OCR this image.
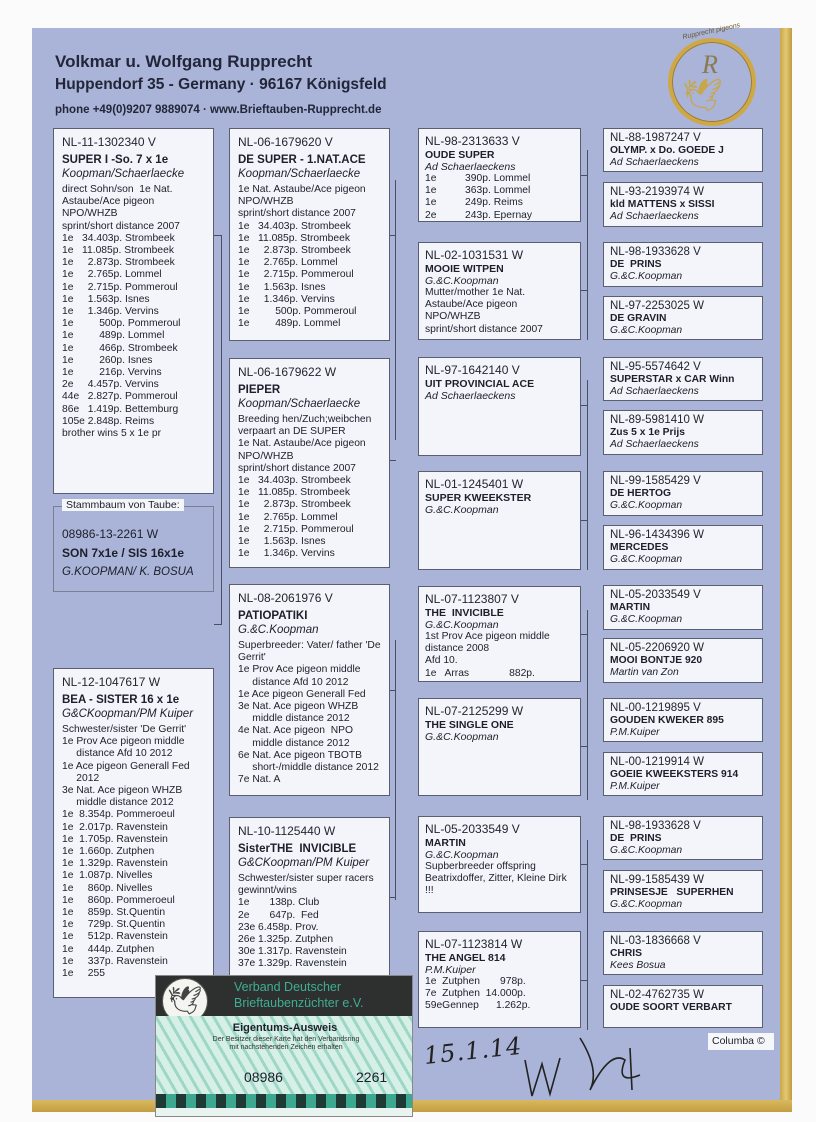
Volkmar u. Wolfgang Rupprecht
Huppendorf 35 - Germany · 96167 Königsfeld
phone +49(0)9207 9889074 · www.Brieftauben-Rupprecht.de
Rupprecht pigeons
R
🕊
NL-11-1302340 V
SUPER I -So. 7 x 1e
Koopman/Schaerlaecke
direct Sohn/son  1e Nat.
Astaube/Ace pigeon
NPO/WHZB
sprint/short distance 2007
1e   34.403p. Strombeek
1e   11.085p. Strombeek
1e     2.873p. Strombeek
1e     2.765p. Lommel
1e     2.715p. Pommeroul
1e     1.563p. Isnes
1e     1.346p. Vervins
1e         500p. Pommeroul
1e         489p. Lommel
1e         466p. Strombeek
1e         260p. Isnes
1e         216p. Vervins
2e     4.457p. Vervins
44e   2.827p. Pommeroul
86e   1.419p. Bettemburg
105e 2.848p. Reims
brother wins 5 x 1e pr
NL-12-1047617 W
BEA - SISTER 16 x 1e
G&CKoopman/PM Kuiper
Schwester/sister 'De Gerrit'
1e Prov Ace pigeon middle
distance Afd 10 2012
1e Ace pigeon Generall Fed
2012
3e Nat. Ace pigeon WHZB
middle distance 2012
1e  8.354p. Pommeroeul
1e  2.017p. Ravenstein
1e  1.705p. Ravenstein
1e  1.660p. Zutphen
1e  1.329p. Ravenstein
1e  1.087p. Nivelles
1e     860p. Nivelles
1e     860p. Pommeroeul
1e     859p. St.Quentin
1e     729p. St.Quentin
1e     512p. Ravenstein
1e     444p. Zutphen
1e     337p. Ravenstein
1e     255
NL-06-1679620 V
DE SUPER - 1.NAT.ACE
Koopman/Schaerlaecke
1e Nat. Astaube/Ace pigeon
NPO/WHZB
sprint/short distance 2007
1e   34.403p. Strombeek
1e   11.085p. Strombeek
1e     2.873p. Strombeek
1e     2.765p. Lommel
1e     2.715p. Pommeroul
1e     1.563p. Isnes
1e     1.346p. Vervins
1e         500p. Pommeroul
1e         489p. Lommel
NL-06-1679622 W
PIEPER
Koopman/Schaerlaecke
Breeding hen/Zuch;weibchen
verpaart an DE SUPER
1e Nat. Astaube/Ace pigeon
NPO/WHZB
sprint/short distance 2007
1e   34.403p. Strombeek
1e   11.085p. Strombeek
1e     2.873p. Strombeek
1e     2.765p. Lommel
1e     2.715p. Pommeroul
1e     1.563p. Isnes
1e     1.346p. Vervins
NL-08-2061976 V
PATIOPATIKI
G.&C.Koopman
Superbreeder: Vater/ father 'De
Gerrit'
1e Prov Ace pigeon middle
distance Afd 10 2012
1e Ace pigeon Generall Fed
3e Nat. Ace pigeon WHZB
middle distance 2012
4e Nat. Ace pigeon  NPO
middle distance 2012
6e Nat. Ace pigeon TBOTB
short-/middle distance 2012
7e Nat. A
NL-10-1125440 W
SisterTHE  INVICIBLE
G&CKoopman/PM Kuiper
Schwester/sister super racers
gewinnt/wins
1e       138p. Club
2e       647p.  Fed
23e 6.458p. Prov.
26e 1.325p. Zutphen
30e 1.317p. Ravenstein
37e 1.329p. Ravenstein
NL-98-2313633 V
OUDE SUPER
Ad Schaerlaeckens
1e          390p. Lommel
1e          363p. Lommel
1e          249p. Reims
2e          243p. Epernay
NL-02-1031531 W
MOOIE WITPEN
G.&C.Koopman
Mutter/mother 1e Nat.
Astaube/Ace pigeon
NPO/WHZB
sprint/short distance 2007
NL-97-1642140 V
UIT PROVINCIAL ACE
Ad Schaerlaeckens
NL-01-1245401 W
SUPER KWEEKSTER
G.&C.Koopman
NL-07-1123807 V
THE  INVICIBLE
G.&C.Koopman
1st Prov Ace pigeon middle
distance 2008
Afd 10.
1e   Arras              882p.
NL-07-2125299 W
THE SINGLE ONE
G.&C.Koopman
NL-05-2033549 V
MARTIN
G.&C.Koopman
Supberbreeder offspring
Beatrixdoffer, Zitter, Kleine Dirk
!!!
NL-07-1123814 W
THE ANGEL 814
P.M.Kuiper
1e  Zutphen       978p.
7e  Zutphen  14.000p.
59eGennep      1.262p.
NL-88-1987247 V
OLYMP. x Do. GOEDE J
Ad Schaerlaeckens
NL-93-2193974 W
kld MATTENS x SISSI
Ad Schaerlaeckens
NL-98-1933628 V
DE  PRINS
G.&C.Koopman
NL-97-2253025 W
DE GRAVIN
G.&C.Koopman
NL-95-5574642 V
SUPERSTAR x CAR Winn
Ad Schaerlaeckens
NL-89-5981410 W
Zus 5 x 1e Prijs
Ad Schaerlaeckens
NL-99-1585429 V
DE HERTOG
G.&C.Koopman
NL-96-1434396 W
MERCEDES
G.&C.Koopman
NL-05-2033549 V
MARTIN
G.&C.Koopman
NL-05-2206920 W
MOOI BONTJE 920
Martin van Zon
NL-00-1219895 V
GOUDEN KWEKER 895
P.M.Kuiper
NL-00-1219914 W
GOEIE KWEEKSTERS 914
P.M.Kuiper
NL-98-1933628 V
DE  PRINS
G.&C.Koopman
NL-99-1585439 W
PRINSESJE   SUPERHEN
G.&C.Koopman
NL-03-1836668 V
CHRIS
Kees Bosua
NL-02-4762735 W
OUDE SOORT VERBART
Stammbaum von Taube:
08986-13-2261 W
SON 7x1e / SIS 16x1e
G.KOOPMAN/ K. BOSUA
Columba ©
15.1.14
🕊	Verband Deutscher
Brieftaubenzüchter e.V.
Eigentums-Ausweis
Der Besitzer dieser Karte hat den Verbandsring
mit nachstehenden Zeichen erhalten
08986	2261
